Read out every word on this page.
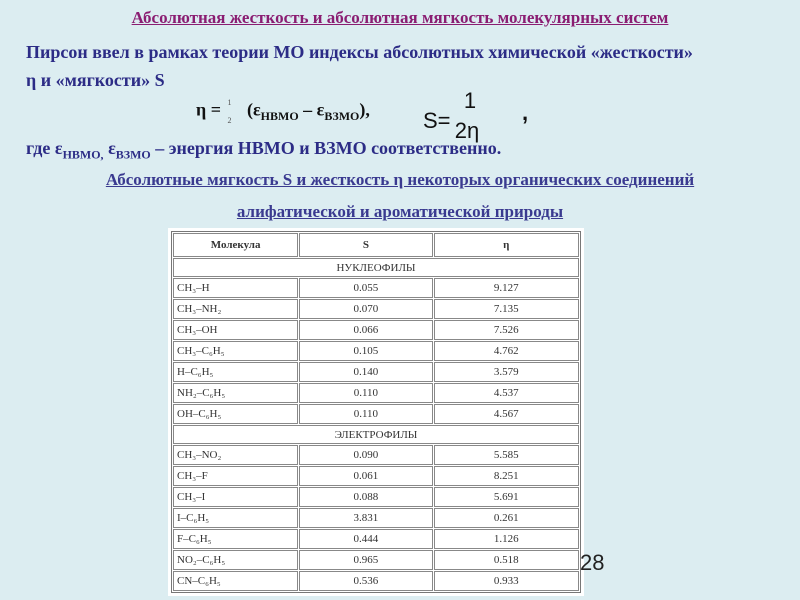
Абсолютная жесткость и абсолютная мягкость молекулярных систем
Пирсон ввел в рамках теории МО индексы абсолютных химической «жесткости»
η и «мягкости» S
η = 1

2   $(\varepsilon_{НВМО} - \varepsilon_{ВЗМО})$, S=
1
2η
,
где $\varepsilon_{НВМО,}$ $\varepsilon_{ВЗМО}$ – энергия НВМО и ВЗМО соответственно.
Абсолютные мягкость S и жесткость η некоторых органических соединений
алифатической и ароматической природы
Молекула	S	η
НУКЛЕОФИЛЫ		
CH₃–H	0.055	9.127
CH₃–NH₂	0.070	7.135
CH₃–OH	0.066	7.526
CH₃–C₆H₅	0.105	4.762
H–C₆H₅	0.140	3.579
NH₂–C₆H₅	0.110	4.537
OH–C₆H₅	0.110	4.567
ЭЛЕКТРОФИЛЫ		
CH₃–NO₂	0.090	5.585
CH₃–F	0.061	8.251
CH₃–I	0.088	5.691
I–C₆H₅	3.831	0.261
F–C₆H₅	0.444	1.126
NO₂–C₆H₅	0.965	0.518
CN–C₆H₅	0.536	0.933
28
